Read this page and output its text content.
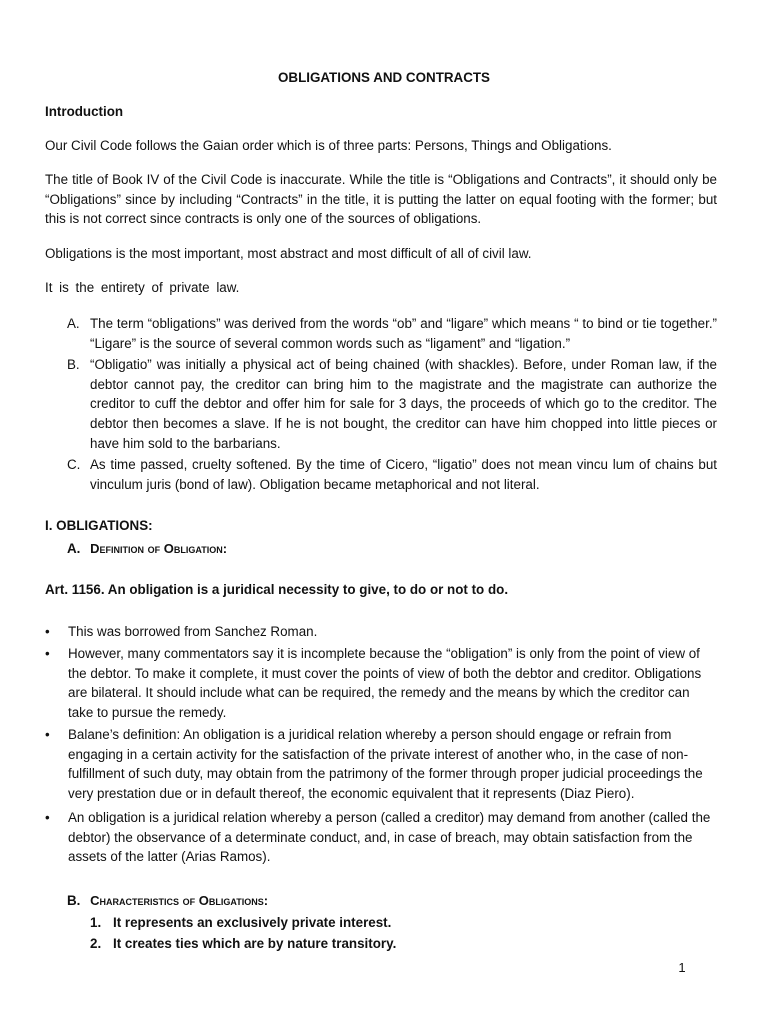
OBLIGATIONS AND CONTRACTS

Introduction

Our Civil Code follows the Gaian order which is of three parts: Persons, Things and Obligations.

The title of Book IV of the Civil Code is inaccurate. While the title is “Obligations and Contracts”, it should only be “Obligations” since by including “Contracts” in the title, it is putting the latter on equal footing with the former; but this is not correct since contracts is only one of the sources of obligations.

Obligations is the most important, most abstract and most difficult of all of civil law.

It is the entirety of private law.

A. The term “obligations” was derived from the words “ob” and “ligare” which means “ to bind or tie together.” “Ligare” is the source of several common words such as “ligament” and “ligation.”
B. “Obligatio” was initially a physical act of being chained (with shackles). Before, under Roman law, if the debtor cannot pay, the creditor can bring him to the magistrate and the magistrate can authorize the creditor to cuff the debtor and offer him for sale for 3 days, the proceeds of which go to the creditor. The debtor then becomes a slave. If he is not bought, the creditor can have him chopped into little pieces or have him sold to the barbarians.
C. As time passed, cruelty softened. By the time of Cicero, “ligatio” does not mean vincu lum of chains but vinculum juris (bond of law). Obligation became metaphorical and not literal.

I. OBLIGATIONS:

A. Definition of Obligation:

Art. 1156. An obligation is a juridical necessity to give, to do or not to do.

•	This was borrowed from Sanchez Roman.
•	However, many commentators say it is incomplete because the “obligation” is only from the point of view of the debtor. To make it complete, it must cover the points of view of both the debtor and creditor. Obligations are bilateral. It should include what can be required, the remedy and the means by which the creditor can take to pursue the remedy.
•	Balane’s definition: An obligation is a juridical relation whereby a person should engage or refrain from engaging in a certain activity for the satisfaction of the private interest of another who, in the case of non-fulfillment of such duty, may obtain from the patrimony of the former through proper judicial proceedings the very prestation due or in default thereof, the economic equivalent that it represents (Diaz Piero).
•	An obligation is a juridical relation whereby a person (called a creditor) may demand from another (called the debtor) the observance of a determinate conduct, and, in case of breach, may obtain satisfaction from the assets of the latter (Arias Ramos).
B. Characteristics of Obligations:
1. It represents an exclusively private interest.
2. It creates ties which are by nature transitory.
1
